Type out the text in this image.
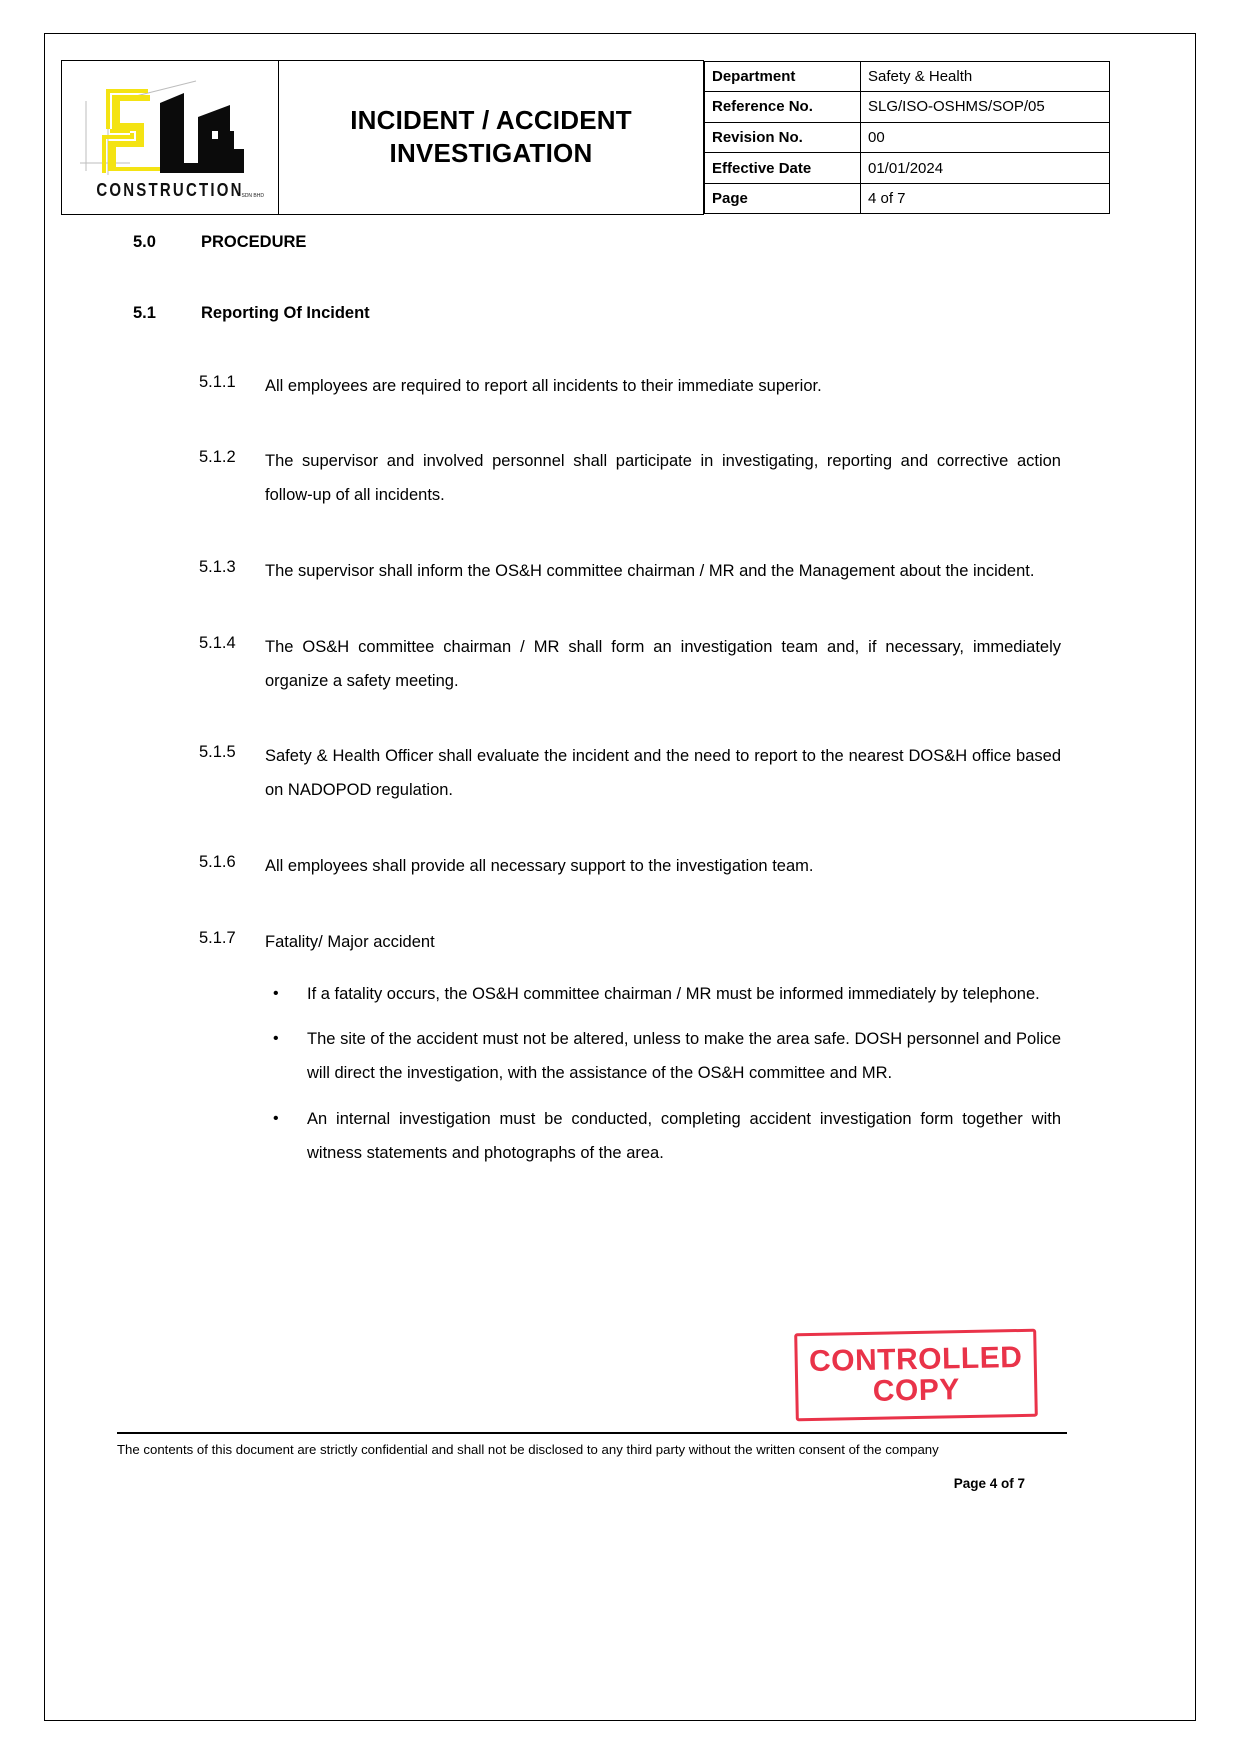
CONSTRUCTION
SDN BHD

INCIDENT / ACCIDENT
INVESTIGATION

Department	Safety & Health
Reference No.	SLG/ISO-OSHMS/SOP/05
Revision No.	00
Effective Date	01/01/2024
Page	4 of 7
5.0	PROCEDURE
5.1	Reporting Of Incident
5.1.1	All employees are required to report all incidents to their immediate superior.
5.1.2	The supervisor and involved personnel shall participate in investigating, reporting and corrective action follow-up of all incidents.
5.1.3	The supervisor shall inform the OS&H committee chairman / MR and the Management about the incident.
5.1.4	The OS&H committee chairman / MR shall form an investigation team and, if necessary, immediately organize a safety meeting.
5.1.5	Safety & Health Officer shall evaluate the incident and the need to report to the nearest DOS&H office based on NADOPOD regulation.
5.1.6	All employees shall provide all necessary support to the investigation team.
5.1.7	Fatality/ Major accident
•	If a fatality occurs, the OS&H committee chairman / MR must be informed immediately by telephone.
•	The site of the accident must not be altered, unless to make the area safe. DOSH personnel and Police will direct the investigation, with the assistance of the OS&H committee and MR.
•	An internal investigation must be conducted, completing accident investigation form together with witness statements and photographs of the area.
CONTROLLED
COPY
The contents of this document are strictly confidential and shall not be disclosed to any third party without the written consent of the company
Page 4 of 7
